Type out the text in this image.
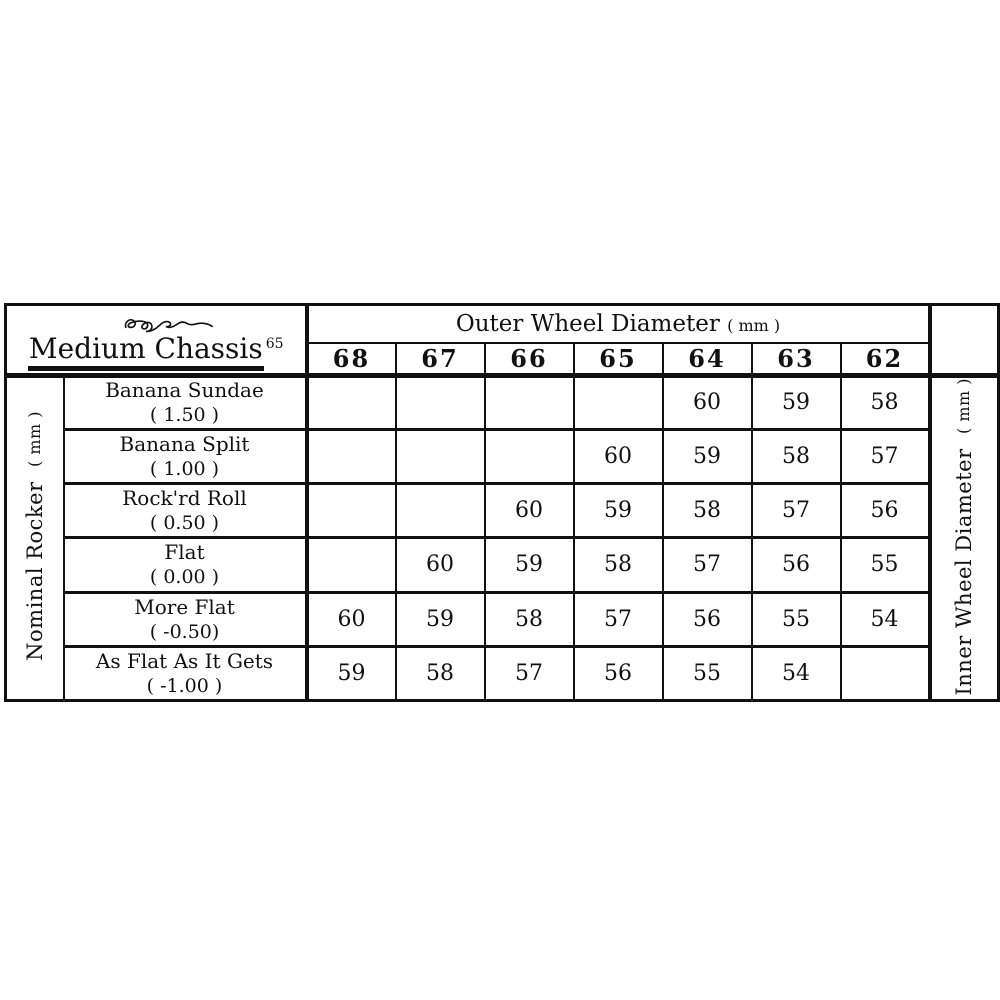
Medium Chassis 65		Outer Wheel Diameter ( mm )							
		68	67	66	65	64	63	62	
Nominal Rocker  ( mm )	Banana Sundae
( 1.50 )					60	59	58	Inner Wheel Diameter  ( mm )

	Banana Split
( 1.00 )				60	59	58	57	

	Rock'rd Roll
( 0.50 )			60	59	58	57	56	

	Flat
( 0.00 )		60	59	58	57	56	55	

	More Flat
( -0.50)	60	59	58	57	56	55	54	

	As Flat As It Gets
( -1.00 )	59	58	57	56	55	54		
